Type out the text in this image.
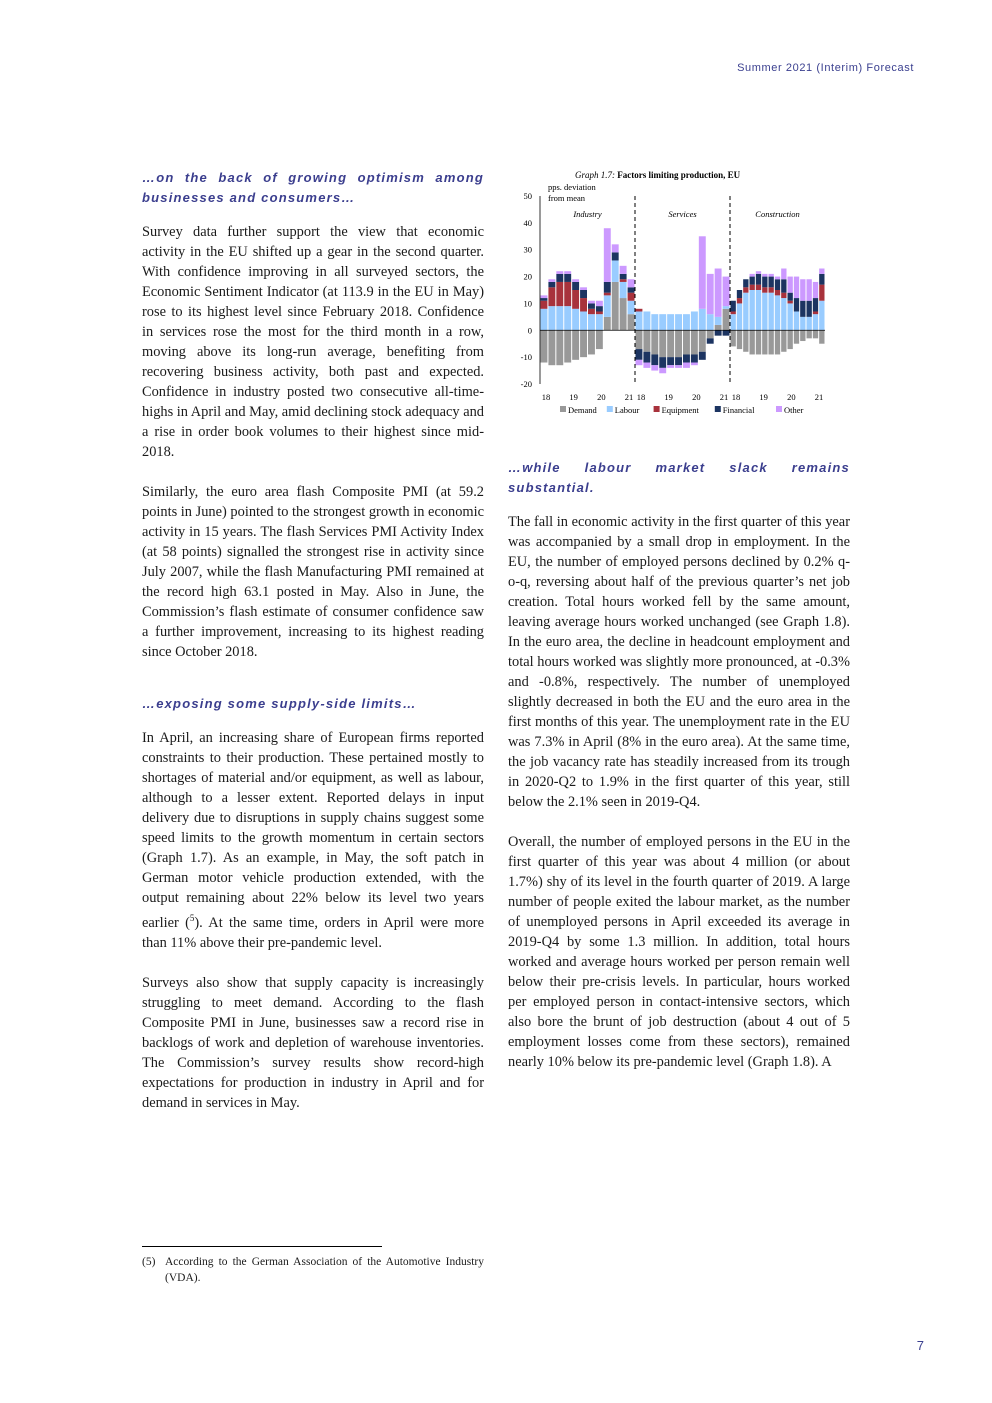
Summer 2021 (Interim) Forecast
Graph 1.7: Factors limiting production, EU
pps. deviation
from mean
50
40
30
20
10
0
-10
-20
Industry	Services	Construction
18 19 20 21 18 19 20 21 18 19 20 21
Demand Labour	Equipment	Financial	Other

…on the back of growing optimism among businesses and consumers…

Survey data further support the view that economic activity in the EU shifted up a gear in the second quarter. With confidence improving in all surveyed sectors, the Economic Sentiment Indicator (at 113.9 in the EU in May) rose to its highest level since February 2018. Confidence in services rose the most for the third month in a row, moving above its long-run average, benefiting from recovering business activity, both past and expected. Confidence in industry posted two consecutive all-time-highs in April and May, amid declining stock adequacy and a rise in order book volumes to their highest since mid-2018.

Similarly, the euro area flash Composite PMI (at 59.2 points in June) pointed to the strongest growth in economic activity in 15 years. The flash Services PMI Activity Index (at 58 points) signalled the strongest rise in activity since July 2007, while the flash Manufacturing PMI remained at the record high 63.1 posted in May. Also in June, the Commission’s flash estimate of consumer confidence saw a further improvement, increasing to its highest reading since October 2018.

…exposing some supply-side limits…

In April, an increasing share of European firms reported constraints to their production. These pertained mostly to shortages of material and/or equipment, as well as labour, although to a lesser extent. Reported delays in input delivery due to disruptions in supply chains suggest some speed limits to the growth momentum in certain sectors (Graph 1.7). As an example, in May, the soft patch in German motor vehicle production extended, with the output remaining about 22% below its level two years earlier ($^5$). At the same time, orders in April were more than 11% above their pre-pandemic level.

Surveys also show that supply capacity is increasingly struggling to meet demand. According to the flash Composite PMI in June, businesses saw a record rise in backlogs of work and depletion of warehouse inventories. The Commission’s survey results show record-high expectations for production in industry in April and for demand in services in May.

…while labour market slack remains substantial.

The fall in economic activity in the first quarter of this year was accompanied by a small drop in employment. In the EU, the number of employed persons declined by 0.2% q-o-q, reversing about half of the previous quarter’s net job creation. Total hours worked fell by the same amount, leaving average hours worked unchanged (see Graph 1.8). In the euro area, the decline in headcount employment and total hours worked was slightly more pronounced, at -0.3% and -0.8%, respectively. The number of unemployed slightly decreased in both the EU and the euro area in the first months of this year. The unemployment rate in the EU was 7.3% in April (8% in the euro area). At the same time, the job vacancy rate has steadily increased from its trough in 2020-Q2 to 1.9% in the first quarter of this year, still below the 2.1% seen in 2019-Q4.

Overall, the number of employed persons in the EU in the first quarter of this year was about 4 million (or about 1.7%) shy of its level in the fourth quarter of 2019. A large number of people exited the labour market, as the number of unemployed persons in April exceeded its average in 2019-Q4 by some 1.3 million. In addition, total hours worked and average hours worked per person remain well below their pre-crisis levels. In particular, hours worked per employed person in contact-intensive sectors, which also bore the brunt of job destruction (about 4 out of 5 employment losses come from these sectors), remained nearly 10% below its pre-pandemic level (Graph 1.8). A

(5) According to the German Association of the Automotive Industry (VDA).
7
